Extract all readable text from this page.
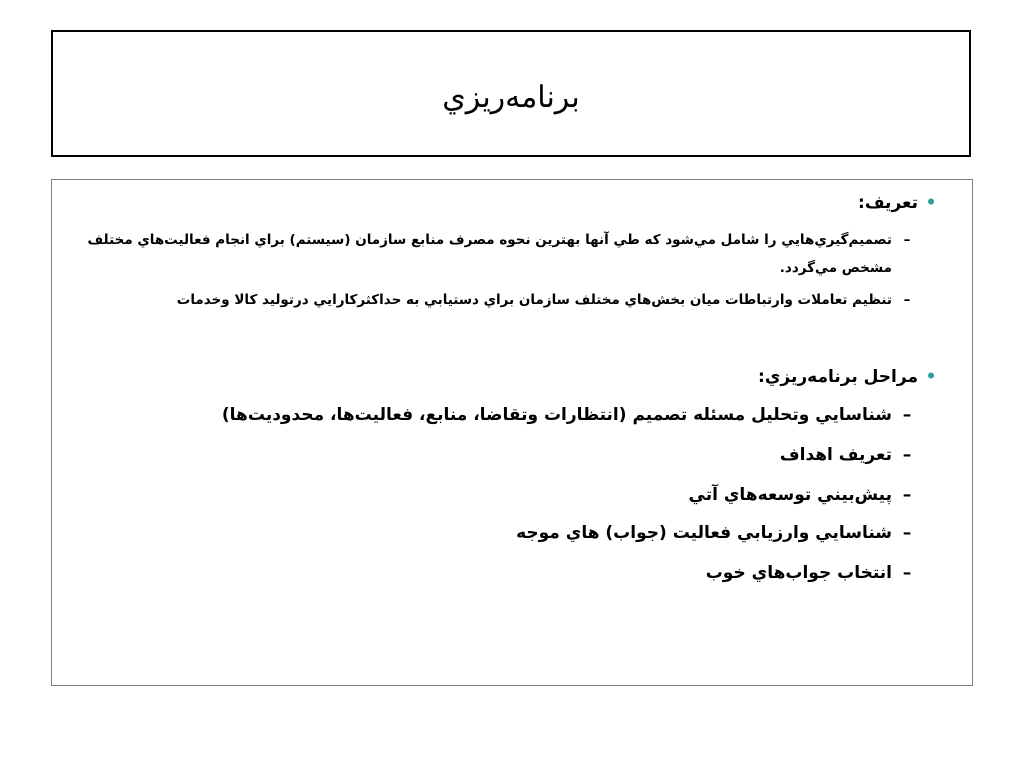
برنامه‌ريزي
•
تعريف:
–
تصميم‌گيري‌هايي را شامل مي‌شود كه طي آنها بهترين نحوه مصرف منابع سازمان (سيستم) براي انجام فعاليت‌هاي مختلف مشخص مي‌گردد.
–
تنظيم تعاملات وارتباطات ميان بخش‌هاي مختلف سازمان براي دستيابي به حداكثركارايي درتوليد كالا وخدمات
•
مراحل برنامه‌ريزي:
–
شناسايي وتحليل مسئله تصميم (انتظارات وتقاضا، منابع، فعاليت‌ها، محدوديت‌ها)
–
تعريف اهداف
–
پيش‌بيني توسعه‌هاي آتي
–
شناسايي وارزيابي فعاليت (جواب) هاي موجه
–
انتخاب جواب‌هاي خوب
